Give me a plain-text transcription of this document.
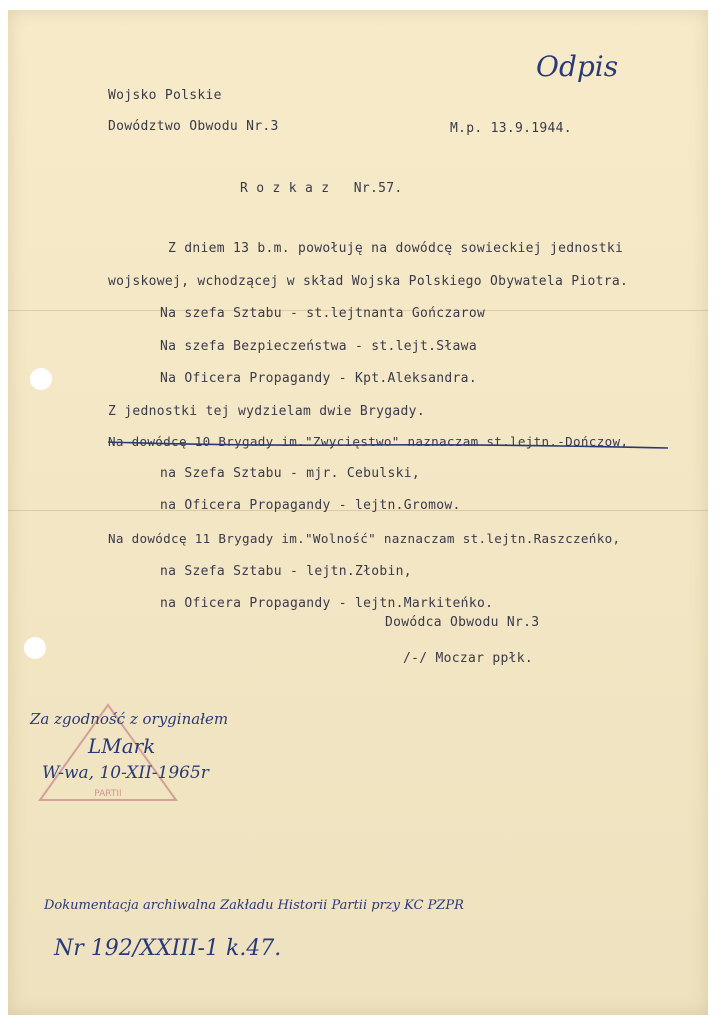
Odpis
Wojsko Polskie
Dowództwo Obwodu Nr.3	M.p. 13.9.1944.
R o z k a z   Nr.57.
Z dniem 13 b.m. powołuję na dowódcę sowieckiej jednostki
wojskowej, wchodzącej w skład Wojska Polskiego Obywatela Piotra.
Na szefa Sztabu - st.lejtnanta Gończarow
Na szefa Bezpieczeństwa - st.lejt.Sława
Na Oficera Propagandy - Kpt.Aleksandra.
Z jednostki tej wydzielam dwie Brygady.
Na dowódcę 10 Brygady im."Zwycięstwo" naznaczam st.lejtn.-Dończow,
na Szefa Sztabu - mjr. Cebulski,
na Oficera Propagandy - lejtn.Gromow.
Na dowódcę 11 Brygady im."Wolność" naznaczam st.lejtn.Raszczeńko,
na Szefa Sztabu - lejtn.Złobin,
na Oficera Propagandy - lejtn.Markiteńko.
Dowódca Obwodu Nr.3
/-/ Moczar ppłk.
PARTII
Za zgodność z oryginałem
LMark
W-wa, 10-XII-1965r
Dokumentacja archiwalna Zakładu Historii Partii przy KC PZPR
Nr 192/XXIII-1 k.47.
